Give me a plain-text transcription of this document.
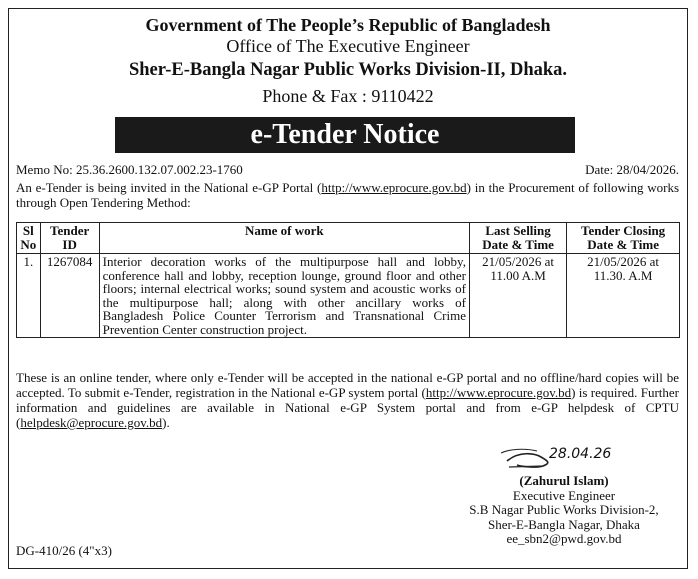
Government of The People’s Republic of Bangladesh
Office of The Executive Engineer
Sher-E-Bangla Nagar Public Works Division-II, Dhaka.
Phone & Fax : 9110422
e-Tender Notice
Memo No: 25.36.2600.132.07.002.23-1760	Date: 28/04/2026.
An e-Tender is being invited in the National e-GP Portal (http://www.eprocure.gov.bd) in the Procurement of following works through Open Tendering Method:
Sl No	Tender ID	Name of work	Last Selling Date & Time	Tender Closing Date & Time
1.	1267084	Interior decoration works of the multipurpose hall and lobby, conference hall and lobby, reception lounge, ground floor and other floors; internal electrical works; sound system and acoustic works of the multipurpose hall; along with other ancillary works of Bangladesh Police Counter Terrorism and Transnational Crime Prevention Center construction project.	21/05/2026 at 11.00 A.M	21/05/2026 at 11.30. A.M
These is an online tender, where only e-Tender will be accepted in the national e-GP portal and no offline/hard copies will be accepted. To submit e-Tender, registration in the National e-GP system portal (http://www.eprocure.gov.bd) is required. Further information and guidelines are available in National e-GP System portal and from e-GP helpdesk of CPTU (helpdesk@eprocure.gov.bd).
28.04.26
(Zahurul Islam)
Executive Engineer
S.B Nagar Public Works Division-2,
Sher-E-Bangla Nagar, Dhaka
ee_sbn2@pwd.gov.bd
DG-410/26 (4"x3)
